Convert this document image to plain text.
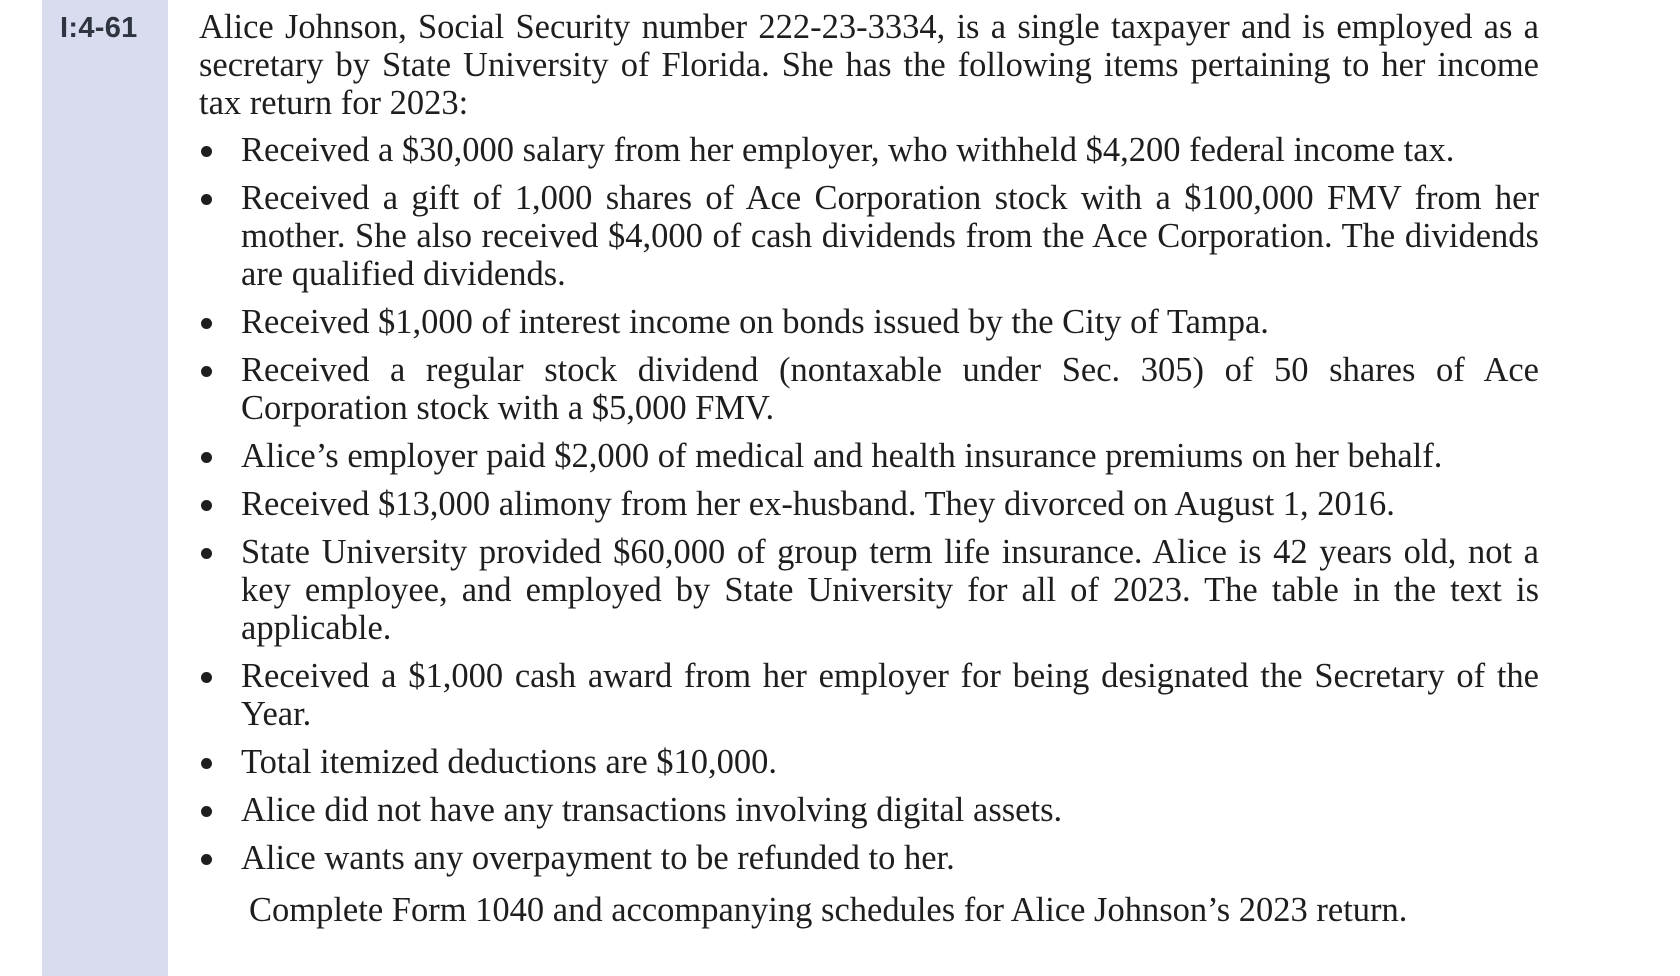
I:4-61 Alice Johnson, Social Security number 222-23-3334, is a single taxpayer and is employed as a secretary by State University of Florida. She has the following items pertaining to her income tax return for 2023:

Received a $30,000 salary from her employer, who withheld $4,200 federal income tax.
Received a gift of 1,000 shares of Ace Corporation stock with a $100,000 FMV from her mother. She also received $4,000 of cash dividends from the Ace Corporation. The dividends are qualified dividends.
Received $1,000 of interest income on bonds issued by the City of Tampa.
Received a regular stock dividend (nontaxable under Sec. 305) of 50 shares of Ace Corporation stock with a $5,000 FMV.
Alice’s employer paid $2,000 of medical and health insurance premiums on her behalf.
Received $13,000 alimony from her ex-husband. They divorced on August 1, 2016.
State University provided $60,000 of group term life insurance. Alice is 42 years old, not a key employee, and employed by State University for all of 2023. The table in the text is applicable.
Received a $1,000 cash award from her employer for being designated the Secretary of the Year.
Total itemized deductions are $10,000.
Alice did not have any transactions involving digital assets.
Alice wants any overpayment to be refunded to her.

Complete Form 1040 and accompanying schedules for Alice Johnson’s 2023 return.
